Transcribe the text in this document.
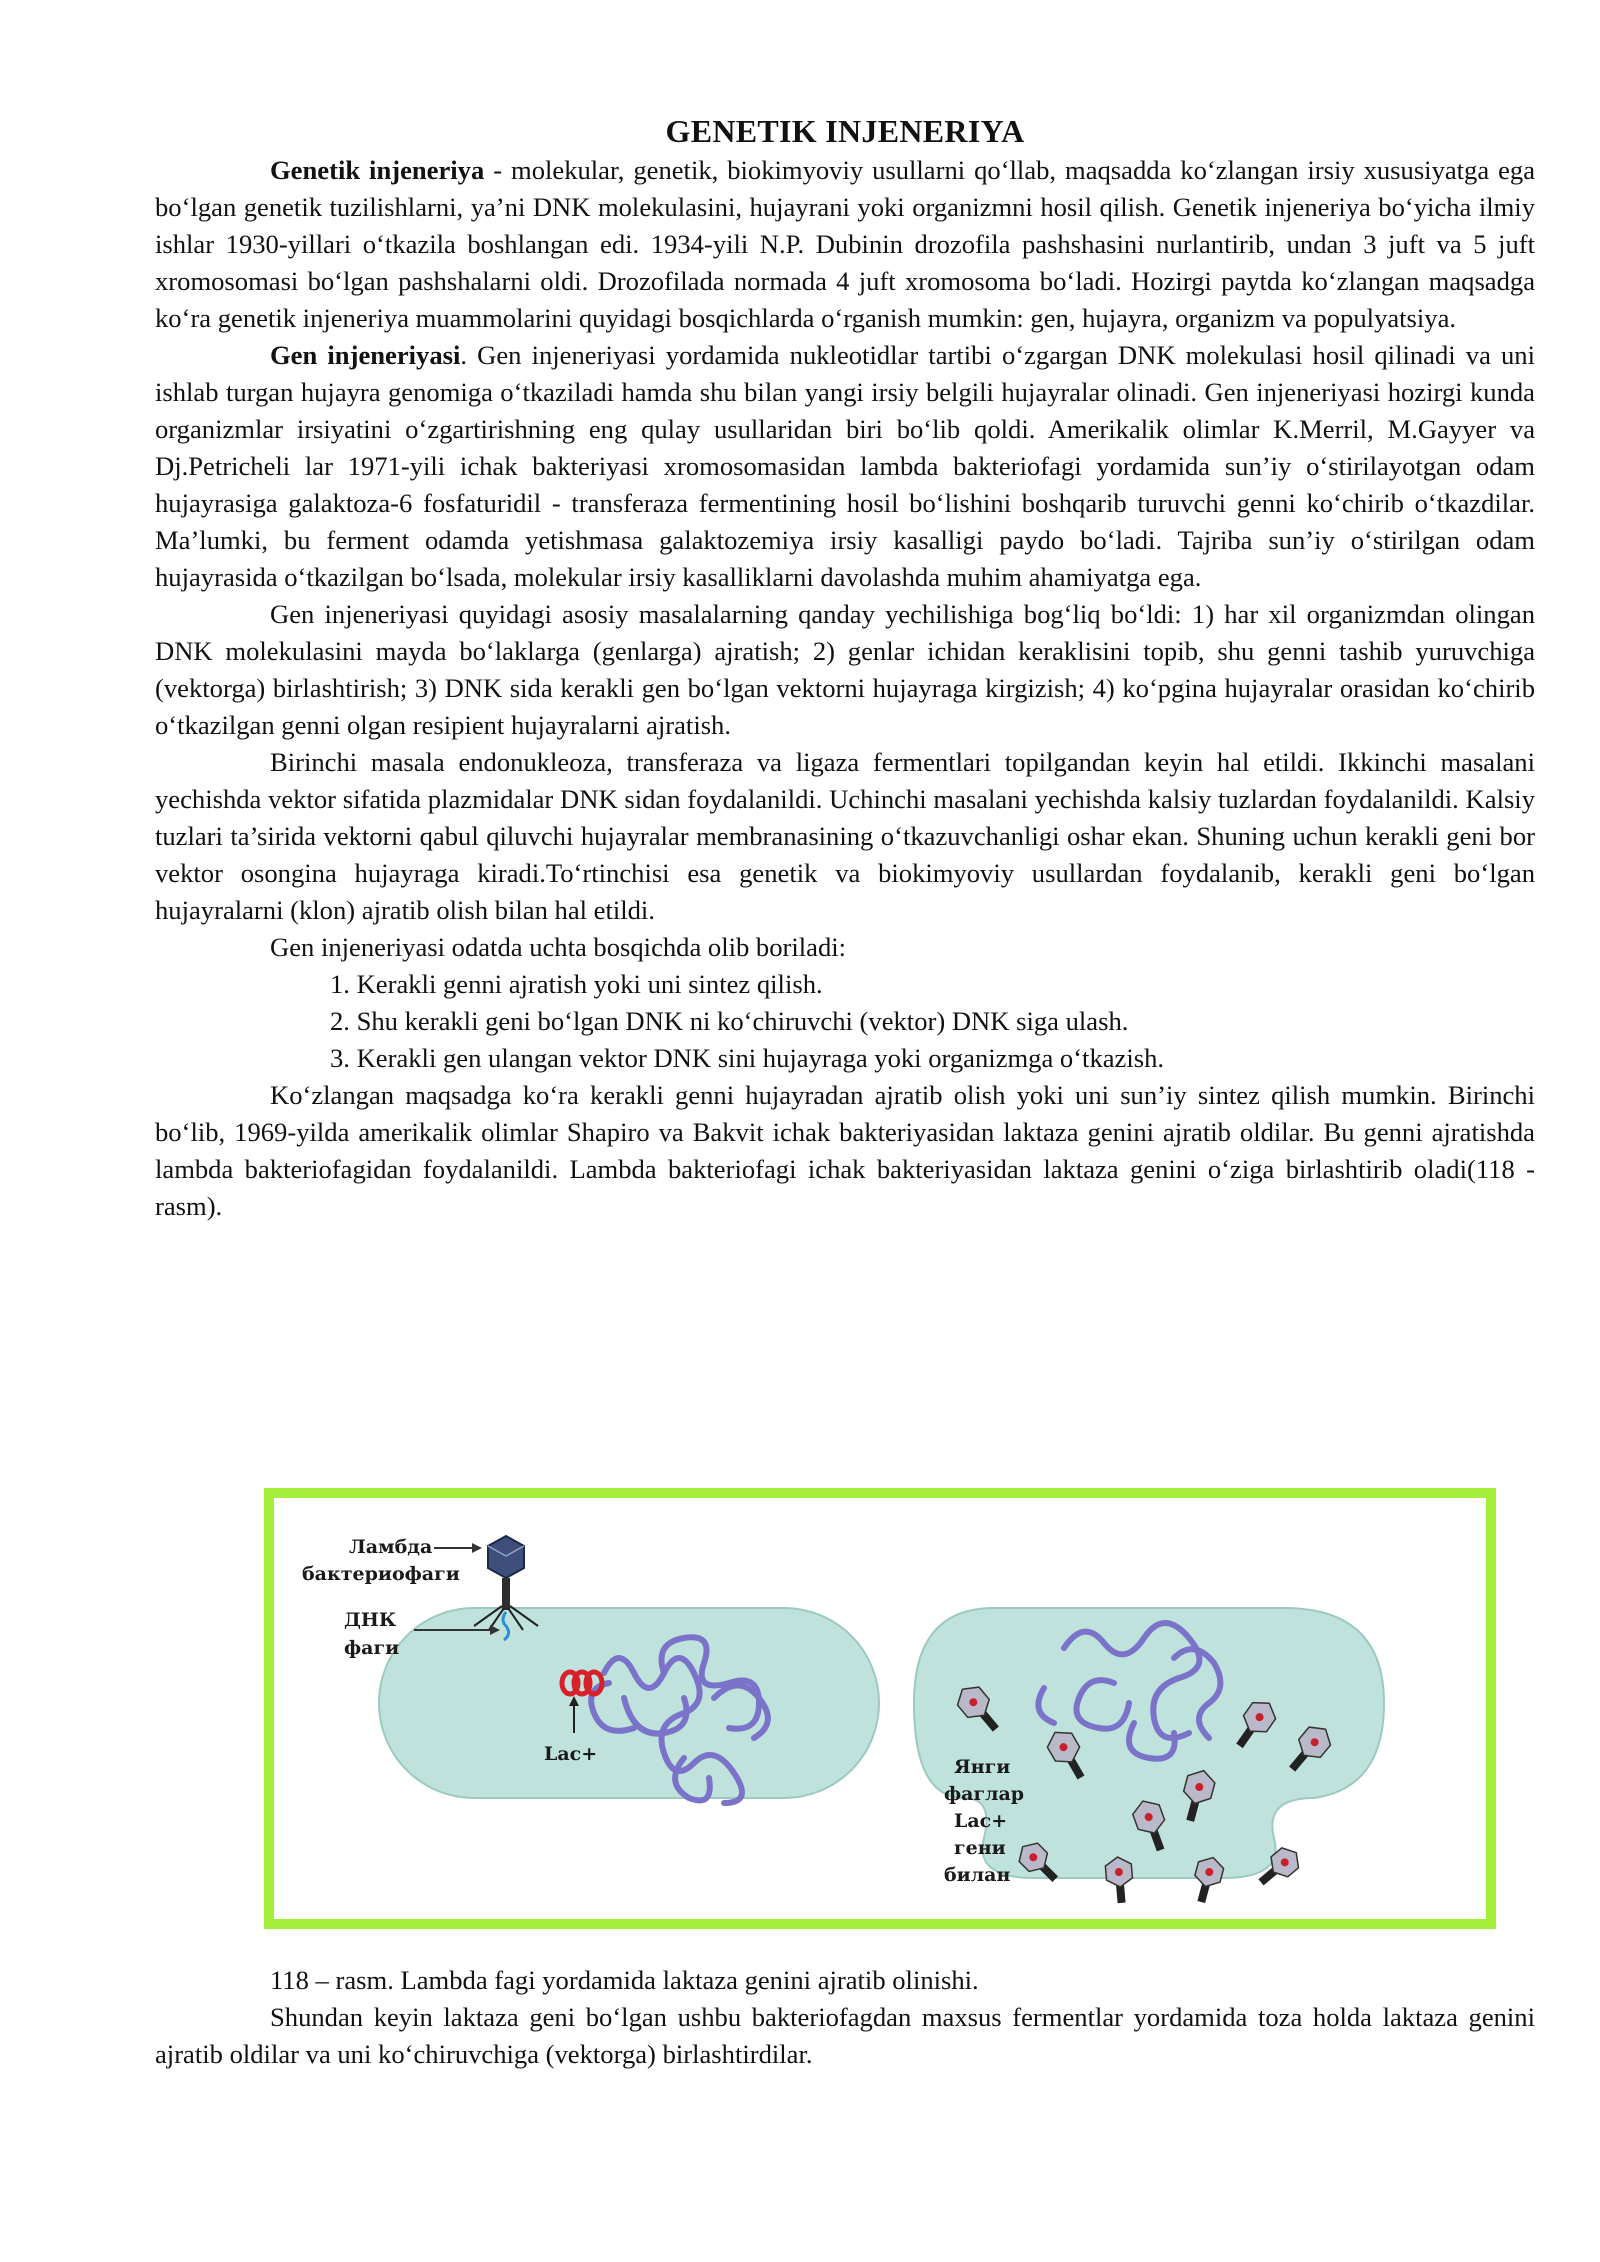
GENETIK INJENERIYA

Genetik injeneriya - molekular, genetik, biokimyoviy usullarni qo‘llab, maqsadda ko‘zlangan irsiy xususiyatga ega bo‘lgan genetik tuzilishlarni, ya’ni DNK molekulasini, hujayrani yoki organizmni hosil qilish. Genetik injeneriya bo‘yicha ilmiy ishlar 1930-yillari o‘tkazila boshlangan edi. 1934-yili N.P. Dubinin drozofila pashshasini nurlantirib, undan 3 juft va 5 juft xromosomasi bo‘lgan pashshalarni oldi. Drozofilada normada 4 juft xromosoma bo‘ladi. Hozirgi paytda ko‘zlangan maqsadga ko‘ra genetik injeneriya muammolarini quyidagi bosqichlarda o‘rganish mumkin: gen, hujayra, organizm va populyatsiya.

Gen injeneriyasi. Gen injeneriyasi yordamida nukleotidlar tartibi o‘zgargan DNK molekulasi hosil qilinadi va uni ishlab turgan hujayra genomiga o‘tkaziladi hamda shu bilan yangi irsiy belgili hujayralar olinadi. Gen injeneriyasi hozirgi kunda organizmlar irsiyatini o‘zgartirishning eng qulay usullaridan biri bo‘lib qoldi. Amerikalik olimlar K.Merril, M.Gayyer va Dj.Petricheli lar 1971-yili ichak bakteriyasi xromosomasidan lambda bakteriofagi yordamida sun’iy o‘stirilayotgan odam hujayrasiga galaktoza-6 fosfaturidil - transferaza fermentining hosil bo‘lishini boshqarib turuvchi genni ko‘chirib o‘tkazdilar. Ma’lumki, bu ferment odamda yetishmasa galaktozemiya irsiy kasalligi paydo bo‘ladi. Tajriba sun’iy o‘stirilgan odam hujayrasida o‘tkazilgan bo‘lsada, molekular irsiy kasalliklarni davolashda muhim ahamiyatga ega.

Gen injeneriyasi quyidagi asosiy masalalarning qanday yechilishiga bog‘liq bo‘ldi: 1) har xil organizmdan olingan DNK molekulasini mayda bo‘laklarga (genlarga) ajratish; 2) genlar ichidan keraklisini topib, shu genni tashib yuruvchiga (vektorga) birlashtirish; 3) DNK sida kerakli gen bo‘lgan vektorni hujayraga kirgizish; 4) ko‘pgina hujayralar orasidan ko‘chirib o‘tkazilgan genni olgan resipient hujayralarni ajratish.

Birinchi masala endonukleoza, transferaza va ligaza fermentlari topilgandan keyin hal etildi. Ikkinchi masalani yechishda vektor sifatida plazmidalar DNK sidan foydalanildi. Uchinchi masalani yechishda kalsiy tuzlardan foydalanildi. Kalsiy tuzlari ta’sirida vektorni qabul qiluvchi hujayralar membranasining o‘tkazuvchanligi oshar ekan. Shuning uchun kerakli geni bor vektor osongina hujayraga kiradi.To‘rtinchisi esa genetik va biokimyoviy usullardan foydalanib, kerakli geni bo‘lgan hujayralarni (klon) ajratib olish bilan hal etildi.

Gen injeneriyasi odatda uchta bosqichda olib boriladi:

1. Kerakli genni ajratish yoki uni sintez qilish.
2. Shu kerakli geni bo‘lgan DNK ni ko‘chiruvchi (vektor) DNK siga ulash.
3. Kerakli gen ulangan vektor DNK sini hujayraga yoki organizmga o‘tkazish.

Ko‘zlangan maqsadga ko‘ra kerakli genni hujayradan ajratib olish yoki uni sun’iy sintez qilish mumkin. Birinchi bo‘lib, 1969-yilda amerikalik olimlar Shapiro va Bakvit ichak bakteriyasidan laktaza genini ajratib oldilar. Bu genni ajratishda lambda bakteriofagidan foydalanildi. Lambda bakteriofagi ichak bakteriyasidan laktaza genini o‘ziga birlashtirib oladi(118 - rasm).

Lac+
Ламбда
бактериофаги
ДНК
фаги
Янги
фаглар
Lac+
гени
билан

118 – rasm. Lambda fagi yordamida laktaza genini ajratib olinishi.

Shundan keyin laktaza geni bo‘lgan ushbu bakteriofagdan maxsus fermentlar yordamida toza holda laktaza genini ajratib oldilar va uni ko‘chiruvchiga (vektorga) birlashtirdilar.
